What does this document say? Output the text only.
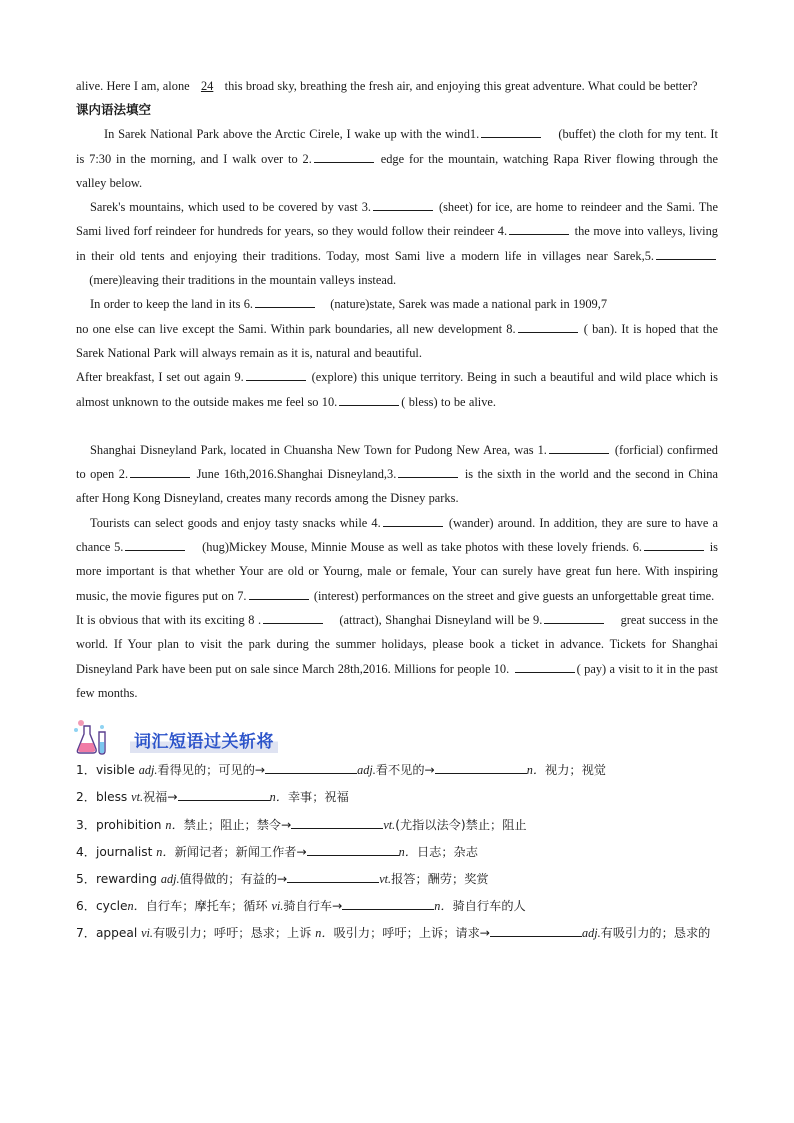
alive. Here I am, alone 24 this broad sky, breathing the fresh air, and enjoying this great adventure. What could be better?

课内语法填空

In Sarek National Park above the Arctic Cirele, I wake up with the wind1.	(buffet) the cloth for my tent. It is 7:30 in the morning, and I walk over to 2.	edge for the mountain, watching Rapa River flowing through the valley below.

Sarek's mountains, which used to be covered by vast 3.	(sheet) for ice, are home to reindeer and the Sami. The Sami lived forf reindeer for hundreds for years, so they would follow their reindeer 4.	the move into valleys, living in their old tents and enjoying their traditions. Today, most Sami live a modern life in villages near Sarek,5.    (mere)leaving their traditions in the mountain valleys instead.

In order to keep the land in its 6.	(nature)state, Sarek was made a national park in 1909,7

no one else can live except the Sami. Within park boundaries, all new development 8.	( ban). It is hoped that the Sarek National Park will always remain as it is, natural and beautiful.

After breakfast, I set out again 9.	(explore) this unique territory. Being in such a beautiful and wild place which is almost unknown to the outside makes me feel so 10.	( bless) to be alive.

Shanghai Disneyland Park, located in Chuansha New Town for Pudong New Area, was 1.	(forficial) confirmed to open 2.	June 16th,2016.Shanghai Disneyland,3.	is the sixth in the world and the second in China after Hong Kong Disneyland, creates many records among the Disney parks.

Tourists can select goods and enjoy tasty snacks while 4.	(wander) around. In addition, they are sure to have a chance 5.	(hug)Mickey Mouse, Minnie Mouse as well as take photos with these lovely friends. 6.	is more important is that whether Your are old or Yourng, male or female, Your can surely have great fun here. With inspiring music, the movie figures put on 7.	(interest) performances on the street and give guests an unforgettable great time.

It is obvious that with its exciting 8 .	(attract), Shanghai Disneyland will be 9.	great success in the world. If Your plan to visit the park during the summer holidays, please book a ticket in advance. Tickets for Shanghai Disneyland Park have been put on sale since March 28th,2016. Millions for people 10.	( pay) a visit to it in the past few months.

词汇短语过关斩将

1．visible adj.看得见的；可见的→	adj.看不见的→	n．视力；视觉

2．bless vt.祝福→	n．幸事；祝福

3．prohibition n．禁止；阻止；禁令→	vt.(尤指以法令)禁止；阻止

4．journalist n．新闻记者；新闻工作者→	n．日志；杂志

5．rewarding adj.值得做的；有益的→	vt.报答；酬劳；奖赏

6．cyclen．自行车；摩托车；循环 vi.骑自行车→	n．骑自行车的人

7．appeal vi.有吸引力；呼吁；恳求；上诉 n．吸引力；呼吁；上诉；请求→	adj.有吸引力的；恳求的
